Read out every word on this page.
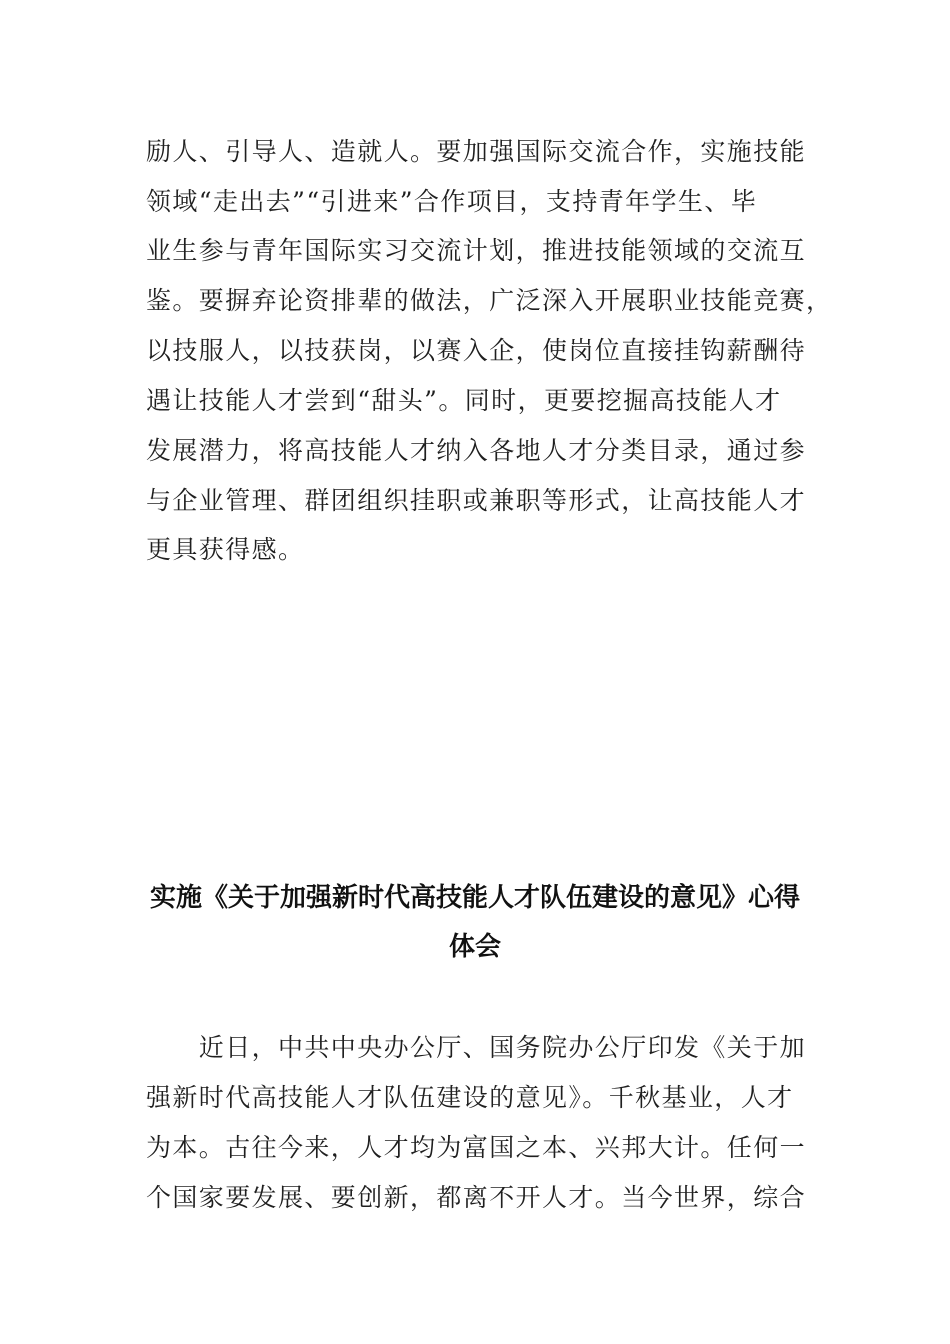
励人、引导人、造就人。要加强国际交流合作，实施技能
领域“走出去”“引进来”合作项目，支持青年学生、毕
业生参与青年国际实习交流计划，推进技能领域的交流互
鉴。要摒弃论资排辈的做法，广泛深入开展职业技能竞赛，
以技服人，以技获岗，以赛入企，使岗位直接挂钩薪酬待
遇让技能人才尝到“甜头”。同时，更要挖掘高技能人才
发展潜力，将高技能人才纳入各地人才分类目录，通过参
与企业管理、群团组织挂职或兼职等形式，让高技能人才
更具获得感。
实施《关于加强新时代高技能人才队伍建设的意见》心得
体会
　　近日，中共中央办公厅、国务院办公厅印发《关于加
强新时代高技能人才队伍建设的意见》。千秋基业，人才
为本。古往今来，人才均为富国之本、兴邦大计。任何一
个国家要发展、要创新，都离不开人才。当今世界，综合
